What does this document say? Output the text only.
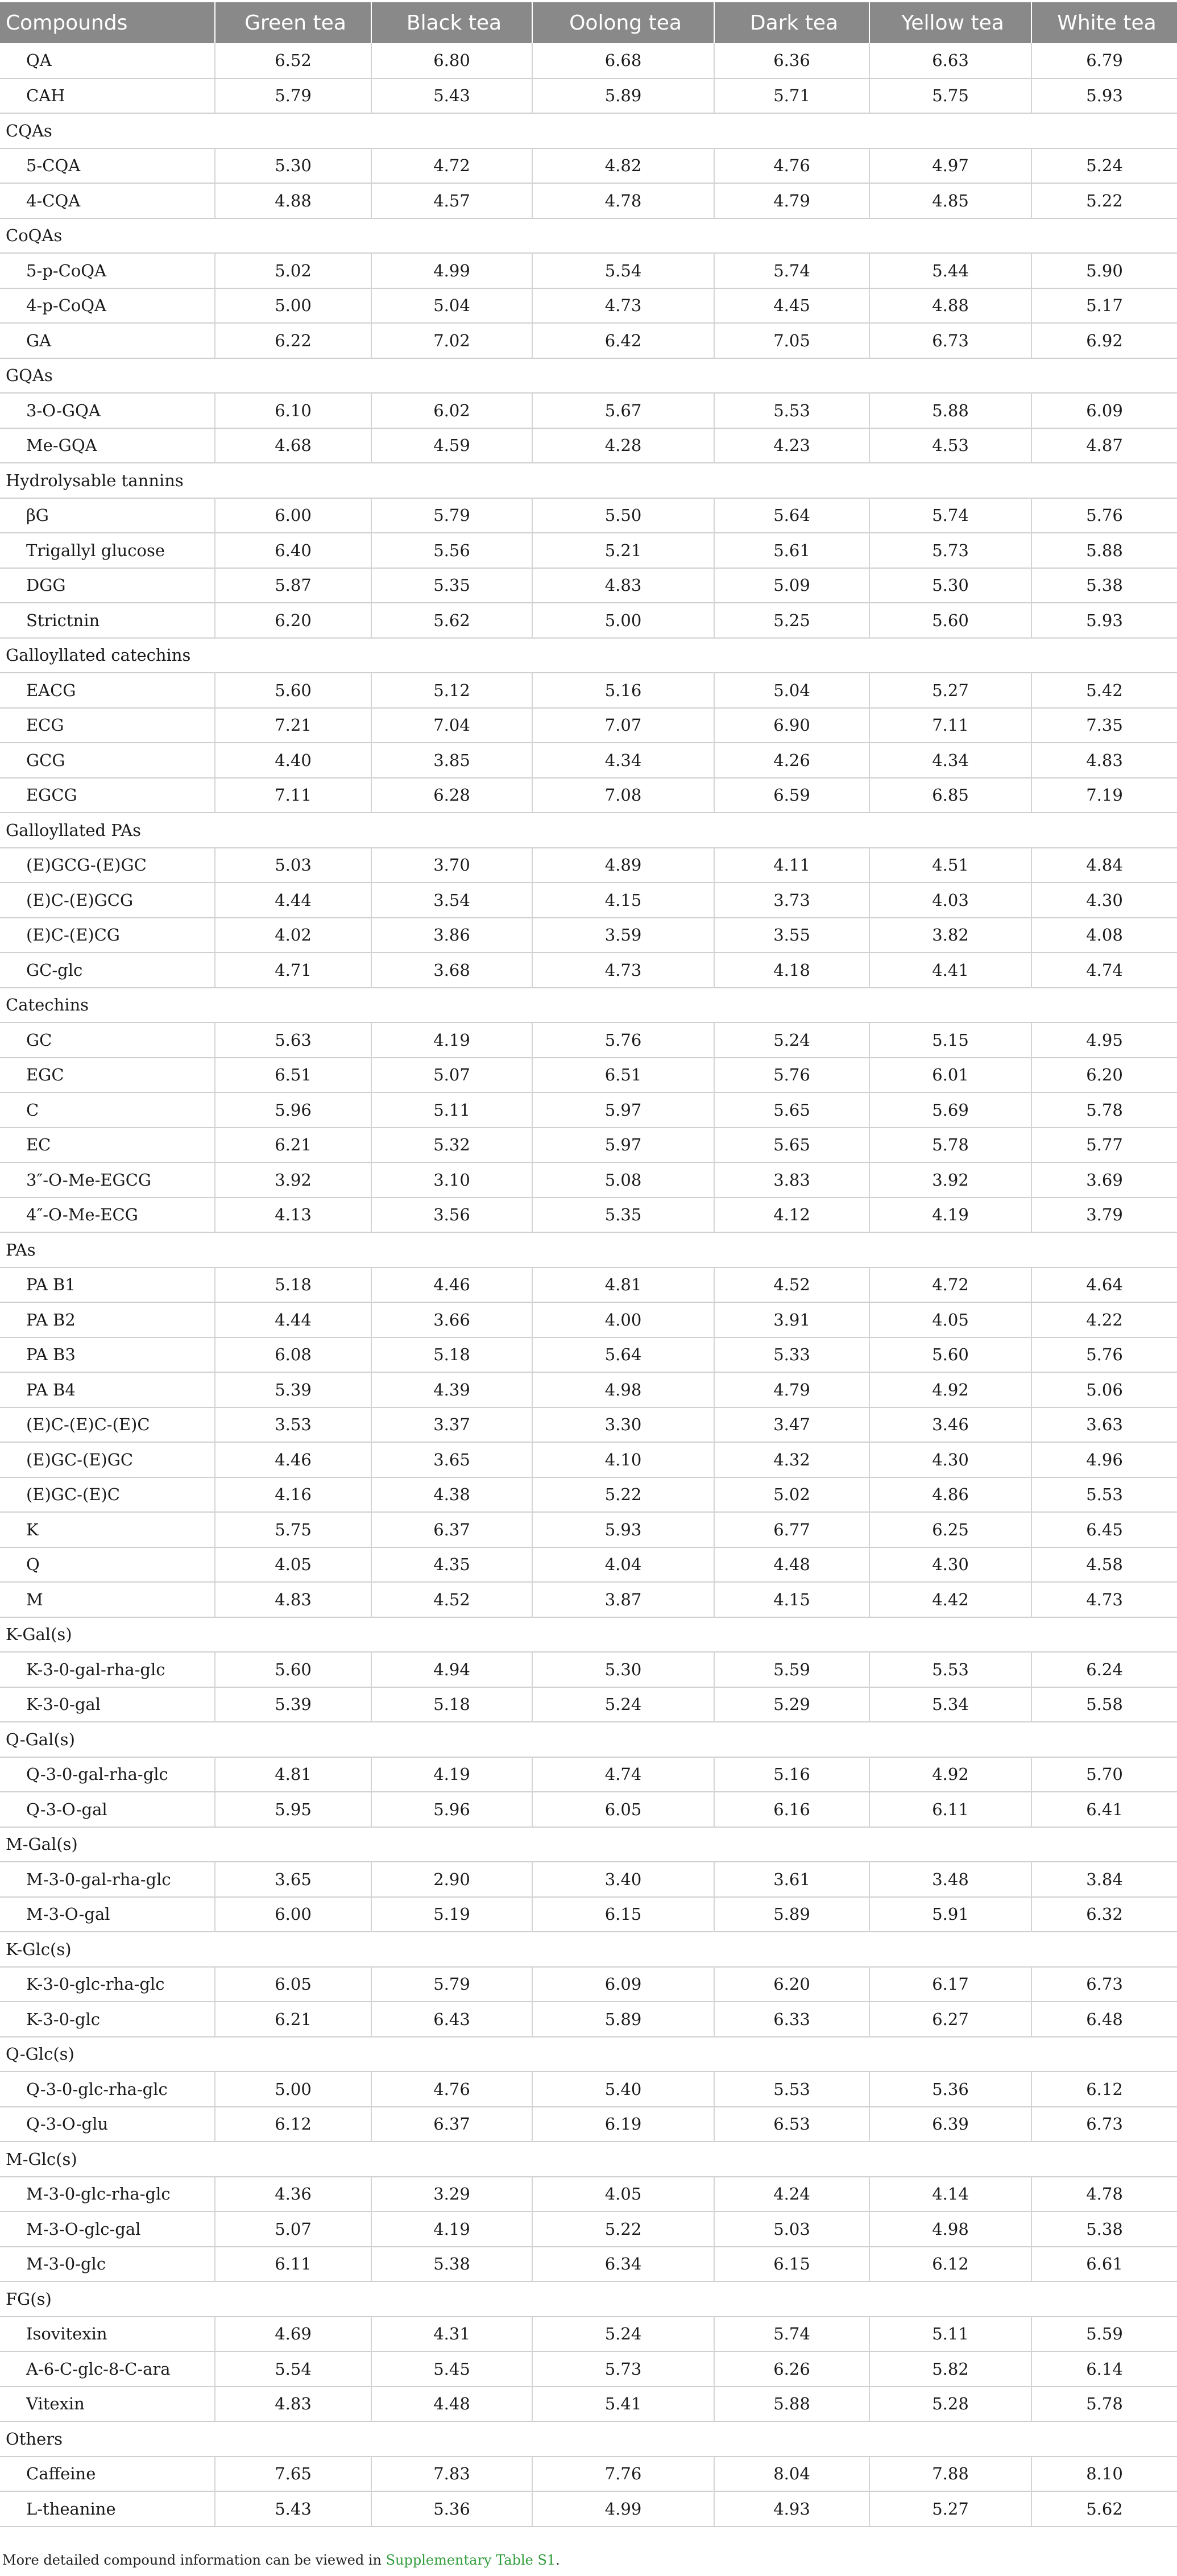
Compounds	Green tea	Black tea	Oolong tea	Dark tea	Yellow tea	White tea
QA	6.52	6.80	6.68	6.36	6.63	6.79
CAH	5.79	5.43	5.89	5.71	5.75	5.93
CQAs						
5-CQA	5.30	4.72	4.82	4.76	4.97	5.24
4-CQA	4.88	4.57	4.78	4.79	4.85	5.22
CoQAs						
5-p-CoQA	5.02	4.99	5.54	5.74	5.44	5.90
4-p-CoQA	5.00	5.04	4.73	4.45	4.88	5.17
GA	6.22	7.02	6.42	7.05	6.73	6.92
GQAs						
3-O-GQA	6.10	6.02	5.67	5.53	5.88	6.09
Me-GQA	4.68	4.59	4.28	4.23	4.53	4.87
Hydrolysable tannins						
βG	6.00	5.79	5.50	5.64	5.74	5.76
Trigallyl glucose	6.40	5.56	5.21	5.61	5.73	5.88
DGG	5.87	5.35	4.83	5.09	5.30	5.38
Strictnin	6.20	5.62	5.00	5.25	5.60	5.93
Galloyllated catechins						
EACG	5.60	5.12	5.16	5.04	5.27	5.42
ECG	7.21	7.04	7.07	6.90	7.11	7.35
GCG	4.40	3.85	4.34	4.26	4.34	4.83
EGCG	7.11	6.28	7.08	6.59	6.85	7.19
Galloyllated PAs						
(E)GCG-(E)GC	5.03	3.70	4.89	4.11	4.51	4.84
(E)C-(E)GCG	4.44	3.54	4.15	3.73	4.03	4.30
(E)C-(E)CG	4.02	3.86	3.59	3.55	3.82	4.08
GC-glc	4.71	3.68	4.73	4.18	4.41	4.74
Catechins						
GC	5.63	4.19	5.76	5.24	5.15	4.95
EGC	6.51	5.07	6.51	5.76	6.01	6.20
C	5.96	5.11	5.97	5.65	5.69	5.78
EC	6.21	5.32	5.97	5.65	5.78	5.77
3″-O-Me-EGCG	3.92	3.10	5.08	3.83	3.92	3.69
4″-O-Me-ECG	4.13	3.56	5.35	4.12	4.19	3.79
PAs						
PA B1	5.18	4.46	4.81	4.52	4.72	4.64
PA B2	4.44	3.66	4.00	3.91	4.05	4.22
PA B3	6.08	5.18	5.64	5.33	5.60	5.76
PA B4	5.39	4.39	4.98	4.79	4.92	5.06
(E)C-(E)C-(E)C	3.53	3.37	3.30	3.47	3.46	3.63
(E)GC-(E)GC	4.46	3.65	4.10	4.32	4.30	4.96
(E)GC-(E)C	4.16	4.38	5.22	5.02	4.86	5.53
K	5.75	6.37	5.93	6.77	6.25	6.45
Q	4.05	4.35	4.04	4.48	4.30	4.58
M	4.83	4.52	3.87	4.15	4.42	4.73
K-Gal(s)						
K-3-0-gal-rha-glc	5.60	4.94	5.30	5.59	5.53	6.24
K-3-0-gal	5.39	5.18	5.24	5.29	5.34	5.58
Q-Gal(s)						
Q-3-0-gal-rha-glc	4.81	4.19	4.74	5.16	4.92	5.70
Q-3-O-gal	5.95	5.96	6.05	6.16	6.11	6.41
M-Gal(s)						
M-3-0-gal-rha-glc	3.65	2.90	3.40	3.61	3.48	3.84
M-3-O-gal	6.00	5.19	6.15	5.89	5.91	6.32
K-Glc(s)						
K-3-0-glc-rha-glc	6.05	5.79	6.09	6.20	6.17	6.73
K-3-0-glc	6.21	6.43	5.89	6.33	6.27	6.48
Q-Glc(s)						
Q-3-0-glc-rha-glc	5.00	4.76	5.40	5.53	5.36	6.12
Q-3-O-glu	6.12	6.37	6.19	6.53	6.39	6.73
M-Glc(s)						
M-3-0-glc-rha-glc	4.36	3.29	4.05	4.24	4.14	4.78
M-3-O-glc-gal	5.07	4.19	5.22	5.03	4.98	5.38
M-3-0-glc	6.11	5.38	6.34	6.15	6.12	6.61
FG(s)						
Isovitexin	4.69	4.31	5.24	5.74	5.11	5.59
A-6-C-glc-8-C-ara	5.54	5.45	5.73	6.26	5.82	6.14
Vitexin	4.83	4.48	5.41	5.88	5.28	5.78
Others						
Caffeine	7.65	7.83	7.76	8.04	7.88	8.10
L-theanine	5.43	5.36	4.99	4.93	5.27	5.62
More detailed compound information can be viewed in Supplementary Table S1.
